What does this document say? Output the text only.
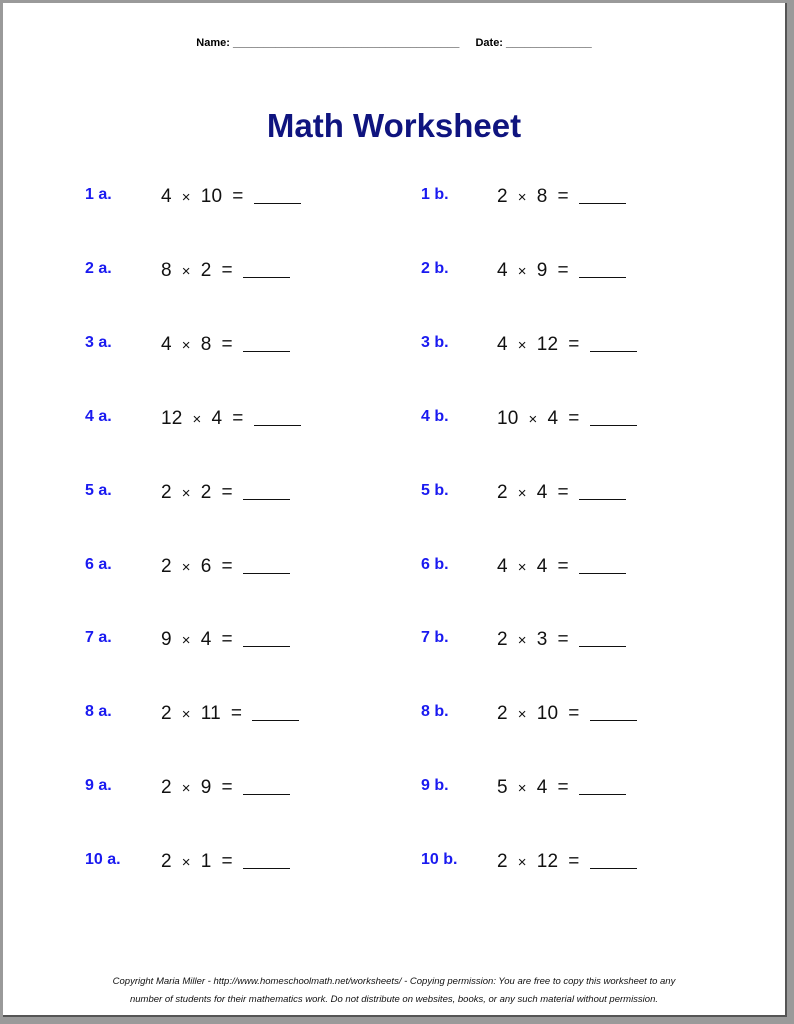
Name: _____________________________________ Date: ______________
Math Worksheet
1 a.	4 × 10 =
2 a.	8 × 2 =
3 a.	4 × 8 =
4 a.	12 × 4 =
5 a.	2 × 2 =
6 a.	2 × 6 =
7 a.	9 × 4 =
8 a.	2 × 11 =
9 a.	2 × 9 =
10 a. 2 × 1 =
1 b.	2 × 8 =
2 b.	4 × 9 =
3 b.	4 × 12 =
4 b.	10 × 4 =
5 b.	2 × 4 =
6 b.	4 × 4 =
7 b.	2 × 3 =
8 b.	2 × 10 =
9 b.	5 × 4 =
10 b. 2 × 12 =
Copyright Maria Miller - http://www.homeschoolmath.net/worksheets/ - Copying permission: You are free to copy this worksheet to any
number of students for their mathematics work. Do not distribute on websites, books, or any such material without permission.
